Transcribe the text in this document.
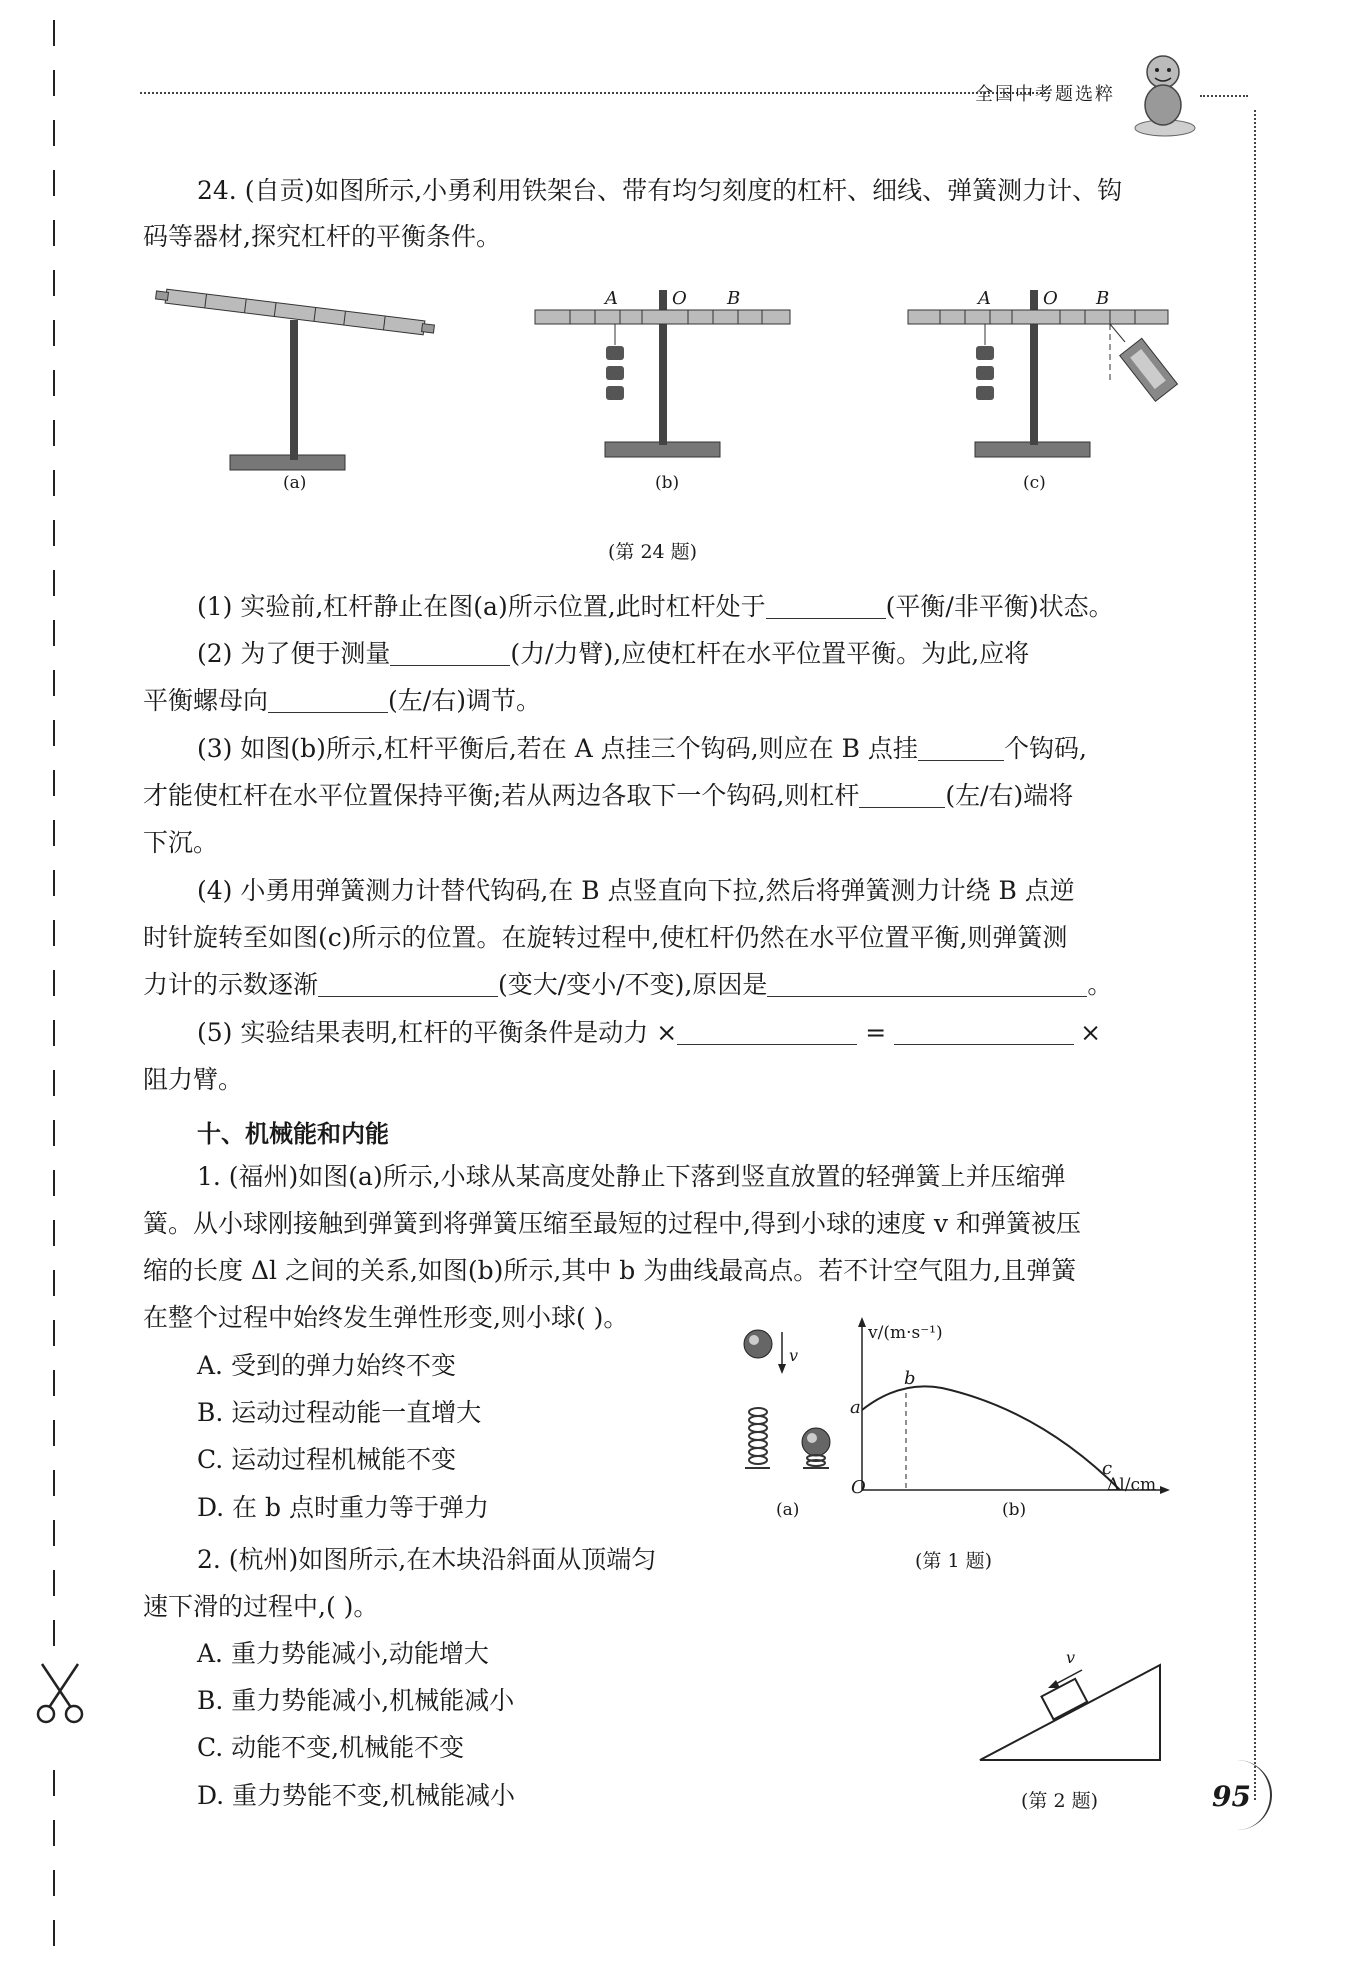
全国中考题选粹
24. (自贡)如图所示,小勇利用铁架台、带有均匀刻度的杠杆、细线、弹簧测力计、钩
码等器材,探究杠杆的平衡条件。
A	O B	A	O B
(a)	(b)	(c)
(第 24 题)
(1) 实验前,杠杆静止在图(a)所示位置,此时杠杆处于	(平衡/非平衡)状态。
(2) 为了便于测量	(力/力臂),应使杠杆在水平位置平衡。为此,应将
平衡螺母向	(左/右)调节。
(3) 如图(b)所示,杠杆平衡后,若在 A 点挂三个钩码,则应在 B 点挂	个钩码,
才能使杠杆在水平位置保持平衡;若从两边各取下一个钩码,则杠杆	(左/右)端将
下沉。
(4) 小勇用弹簧测力计替代钩码,在 B 点竖直向下拉,然后将弹簧测力计绕 B 点逆
时针旋转至如图(c)所示的位置。在旋转过程中,使杠杆仍然在水平位置平衡,则弹簧测
力计的示数逐渐	(变大/变小/不变),原因是	。
(5) 实验结果表明,杠杆的平衡条件是动力 ×	=	×
阻力臂。
十、机械能和内能
1. (福州)如图(a)所示,小球从某高度处静止下落到竖直放置的轻弹簧上并压缩弹
簧。从小球刚接触到弹簧到将弹簧压缩至最短的过程中,得到小球的速度 v 和弹簧被压
缩的长度 Δl 之间的关系,如图(b)所示,其中 b 为曲线最高点。若不计空气阻力,且弹簧
在整个过程中始终发生弹性形变,则小球( )。
A. 受到的弹力始终不变
B. 运动过程动能一直增大
C. 运动过程机械能不变
D. 在 b 点时重力等于弹力
v
v/(m·s⁻¹)
Δl/cm
O
a
b
c
(a)	(b)
(第 1 题)
2. (杭州)如图所示,在木块沿斜面从顶端匀
速下滑的过程中,( )。
A. 重力势能减小,动能增大
B. 重力势能减小,机械能减小
C. 动能不变,机械能不变
D. 重力势能不变,机械能减小
v
(第 2 题)	95
